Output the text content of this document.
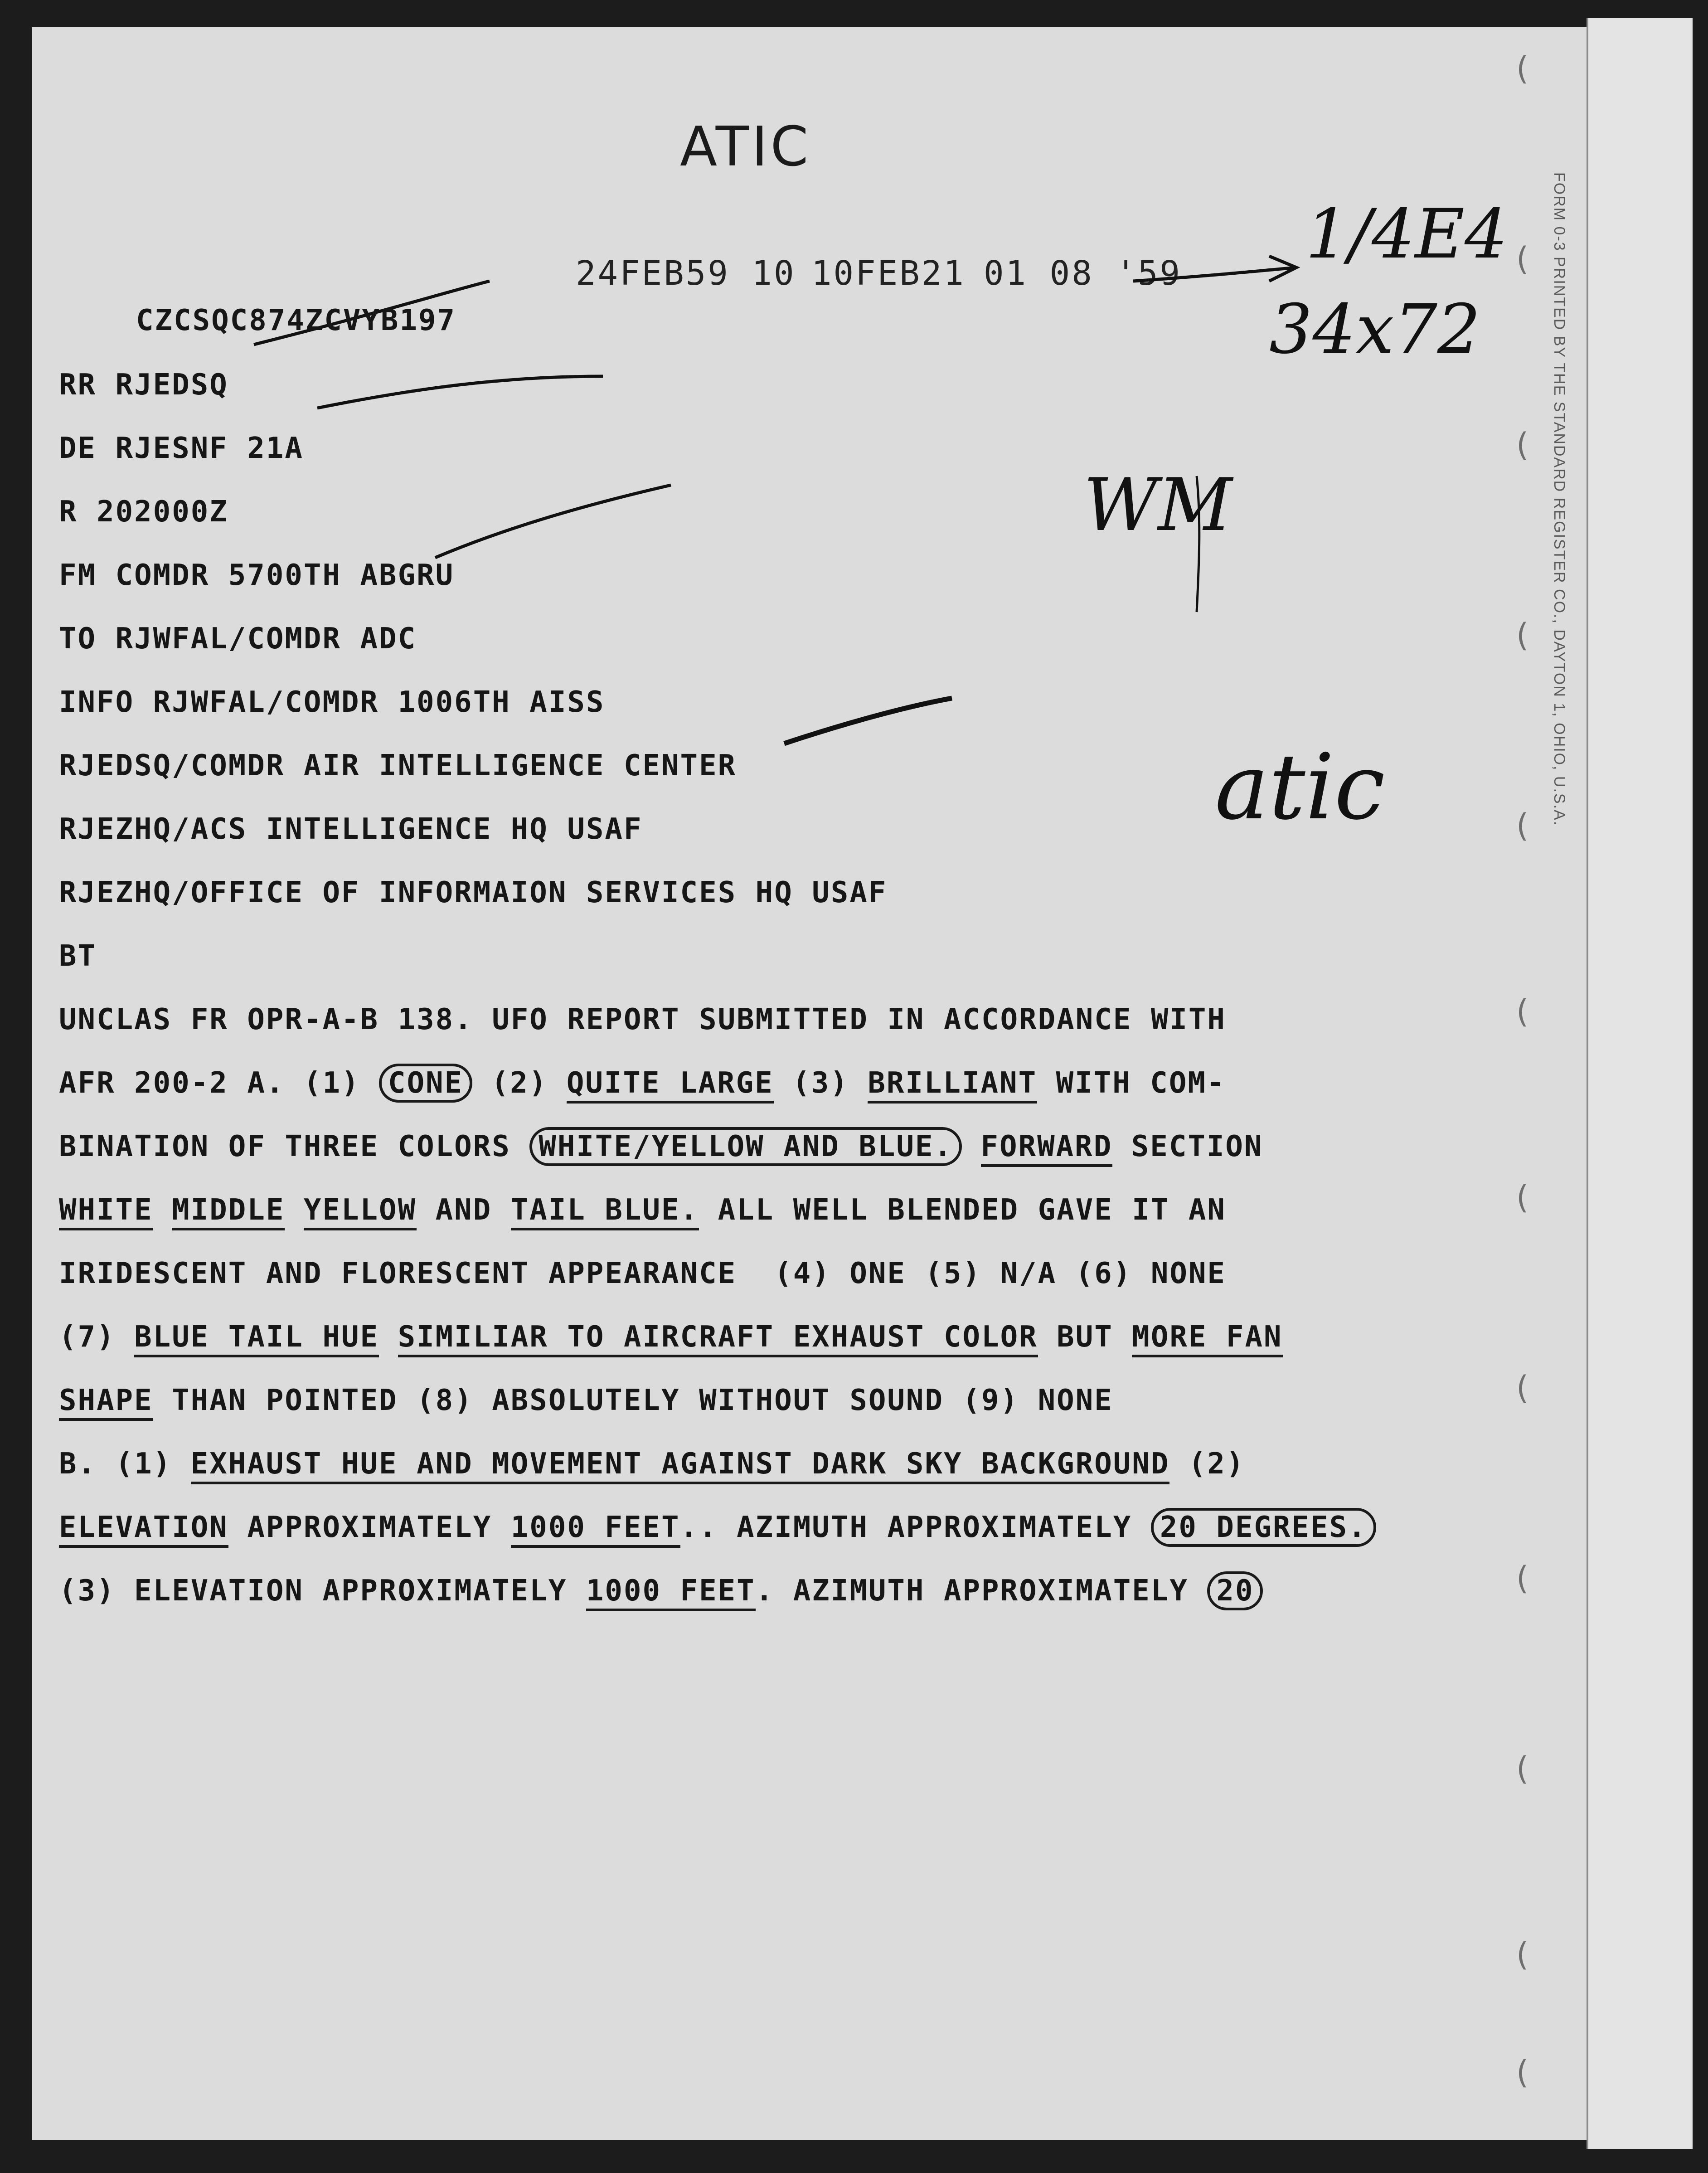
FORM 0-3 PRINTED BY THE STANDARD REGISTER CO., DAYTON 1, OHIO, U.S.A.
(
(
(
(
(
(
(
(
(
(
(
(
ATIC
24FEB59 10 10FEB21 01 08 '59 1/4E4
34x72
WM
atic
CZCSQC874ZCVYB197
RR RJEDSQ
DE RJESNF 21A
R 202000Z
FM COMDR 5700TH ABGRU
TO RJWFAL/COMDR ADC
INFO RJWFAL/COMDR 1006TH AISS
RJEDSQ/COMDR AIR INTELLIGENCE CENTER
RJEZHQ/ACS INTELLIGENCE HQ USAF
RJEZHQ/OFFICE OF INFORMAION SERVICES HQ USAF
BT
UNCLAS FR OPR-A-B 138. UFO REPORT SUBMITTED IN ACCORDANCE WITH
AFR 200-2 A. (1) CONE (2) QUITE LARGE (3) BRILLIANT WITH COM-
BINATION OF THREE COLORS WHITE/YELLOW AND BLUE. FORWARD SECTION
WHITE MIDDLE YELLOW AND TAIL BLUE. ALL WELL BLENDED GAVE IT AN
IRIDESCENT AND FLORESCENT APPEARANCE  (4) ONE (5) N/A (6) NONE
(7) BLUE TAIL HUE SIMILIAR TO AIRCRAFT EXHAUST COLOR BUT MORE FAN
SHAPE THAN POINTED (8) ABSOLUTELY WITHOUT SOUND (9) NONE
B. (1) EXHAUST HUE AND MOVEMENT AGAINST DARK SKY BACKGROUND (2)
ELEVATION APPROXIMATELY 1000 FEET.. AZIMUTH APPROXIMATELY 20 DEGREES.
(3) ELEVATION APPROXIMATELY 1000 FEET. AZIMUTH APPROXIMATELY 20
